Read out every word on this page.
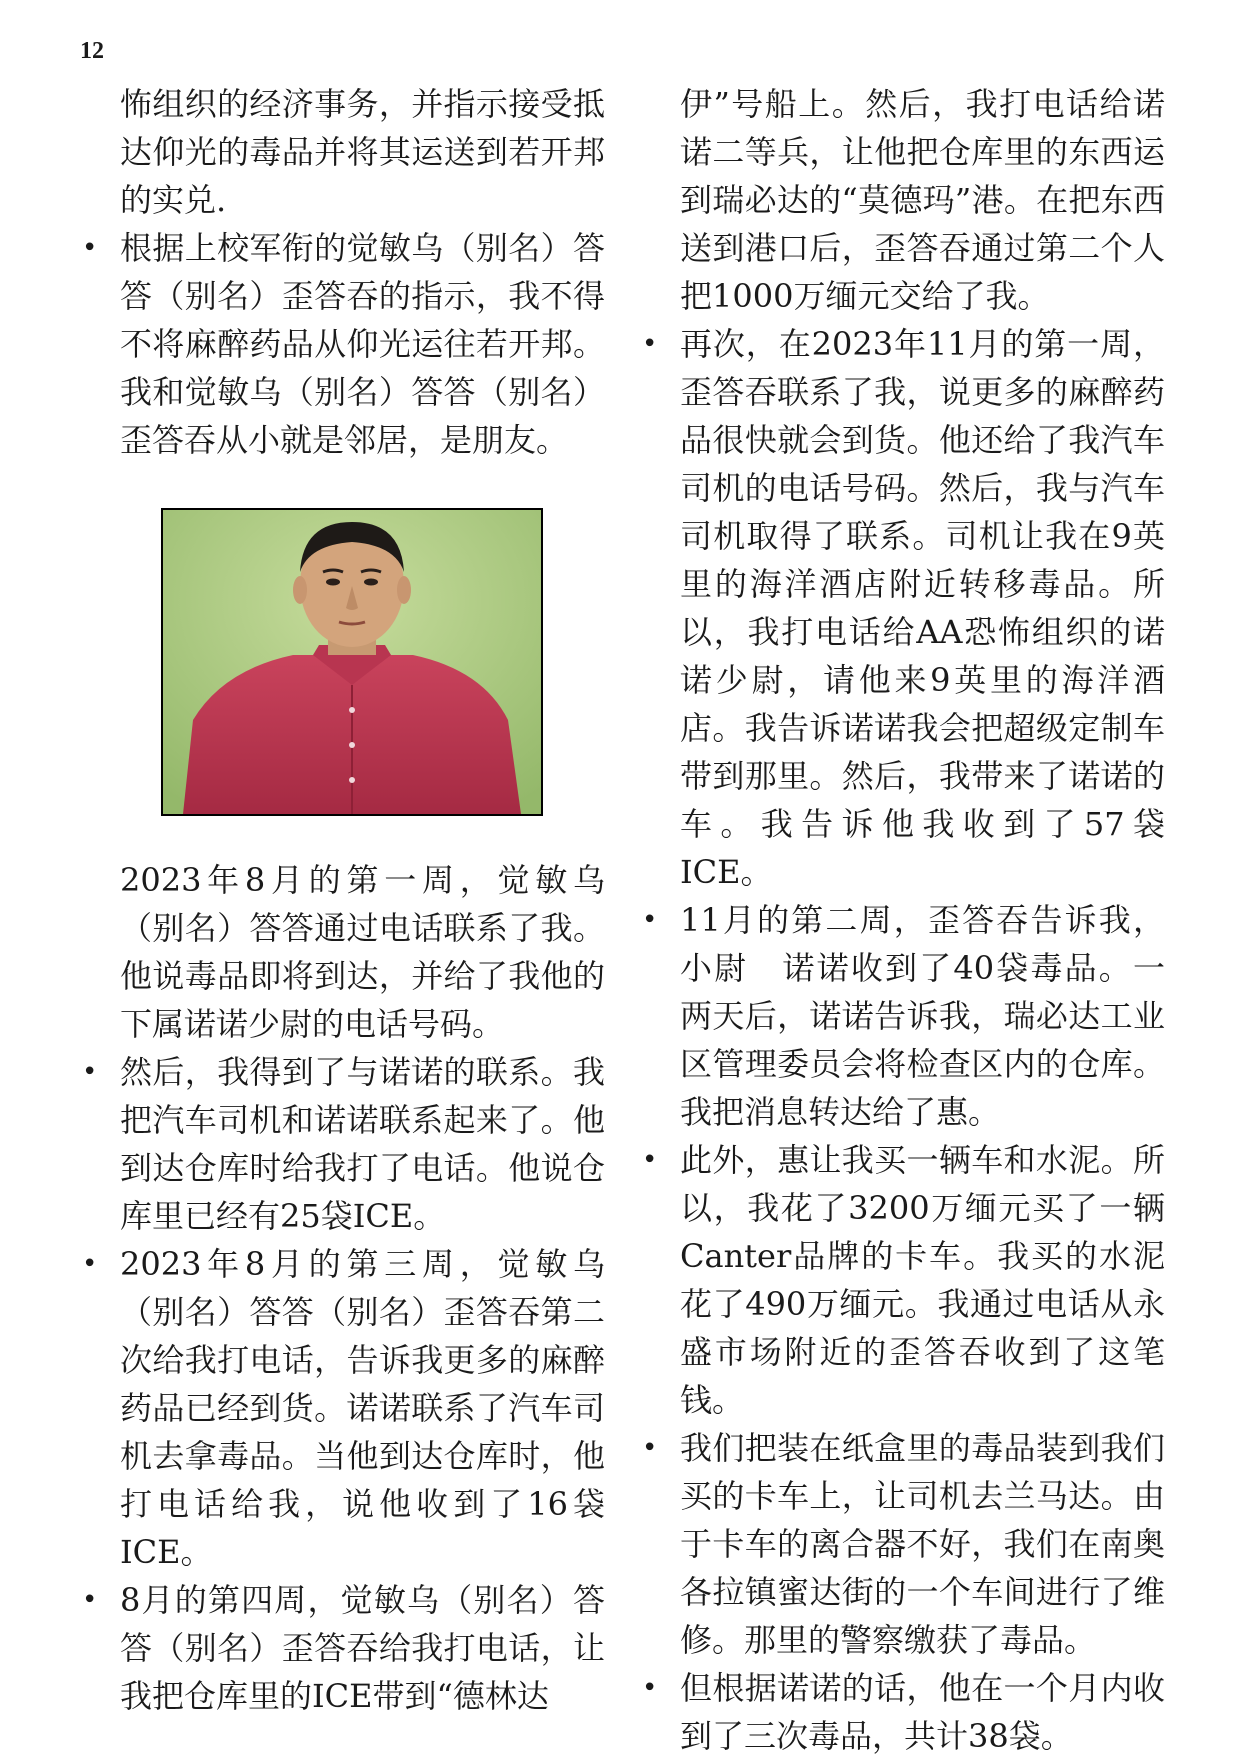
12

怖组织的经济事务，并指示接受抵达仰光的毒品并将其运送到若开邦的实兑.

• 根据上校军衔的觉敏乌（别名）答答（别名）歪答吞的指示，我不得不将麻醉药品从仰光运往若开邦。我和觉敏乌（别名）答答（别名）歪答吞从小就是邻居，是朋友。

2023年8月的第一周，觉敏乌（别名）答答通过电话联系了我。他说毒品即将到达，并给了我他的下属诺诺少尉的电话号码。

• 然后，我得到了与诺诺的联系。我把汽车司机和诺诺联系起来了。他到达仓库时给我打了电话。他说仓库里已经有25袋ICE。

• 2023年8月的第三周，觉敏乌（别名）答答（别名）歪答吞第二次给我打电话，告诉我更多的麻醉药品已经到货。诺诺联系了汽车司机去拿毒品。当他到达仓库时，他打电话给我，说他收到了16袋ICE。

• 8月的第四周，觉敏乌（别名）答答（别名）歪答吞给我打电话，让我把仓库里的ICE带到“德林达

伊”号船上。然后，我打电话给诺诺二等兵，让他把仓库里的东西运到瑞必达的“莫德玛”港。在把东西送到港口后，歪答吞通过第二个人把1000万缅元交给了我。

• 再次，在2023年11月的第一周，歪答吞联系了我，说更多的麻醉药品很快就会到货。他还给了我汽车司机的电话号码。然后，我与汽车司机取得了联系。司机让我在9英里的海洋酒店附近转移毒品。所以，我打电话给AA恐怖组织的诺诺少尉，请他来9英里的海洋酒店。我告诉诺诺我会把超级定制车带到那里。然后，我带来了诺诺的车。我告诉他我收到了57袋ICE。

• 11月的第二周，歪答吞告诉我，小尉　诺诺收到了40袋毒品。一两天后，诺诺告诉我，瑞必达工业区管理委员会将检查区内的仓库。我把消息转达给了惠。

• 此外，惠让我买一辆车和水泥。所以，我花了3200万缅元买了一辆Canter品牌的卡车。我买的水泥花了490万缅元。我通过电话从永盛市场附近的歪答吞收到了这笔钱。

• 我们把装在纸盒里的毒品装到我们买的卡车上，让司机去兰马达。由于卡车的离合器不好，我们在南奥各拉镇蜜达街的一个车间进行了维修。那里的警察缴获了毒品。

• 但根据诺诺的话，他在一个月内收到了三次毒品，共计38袋。
